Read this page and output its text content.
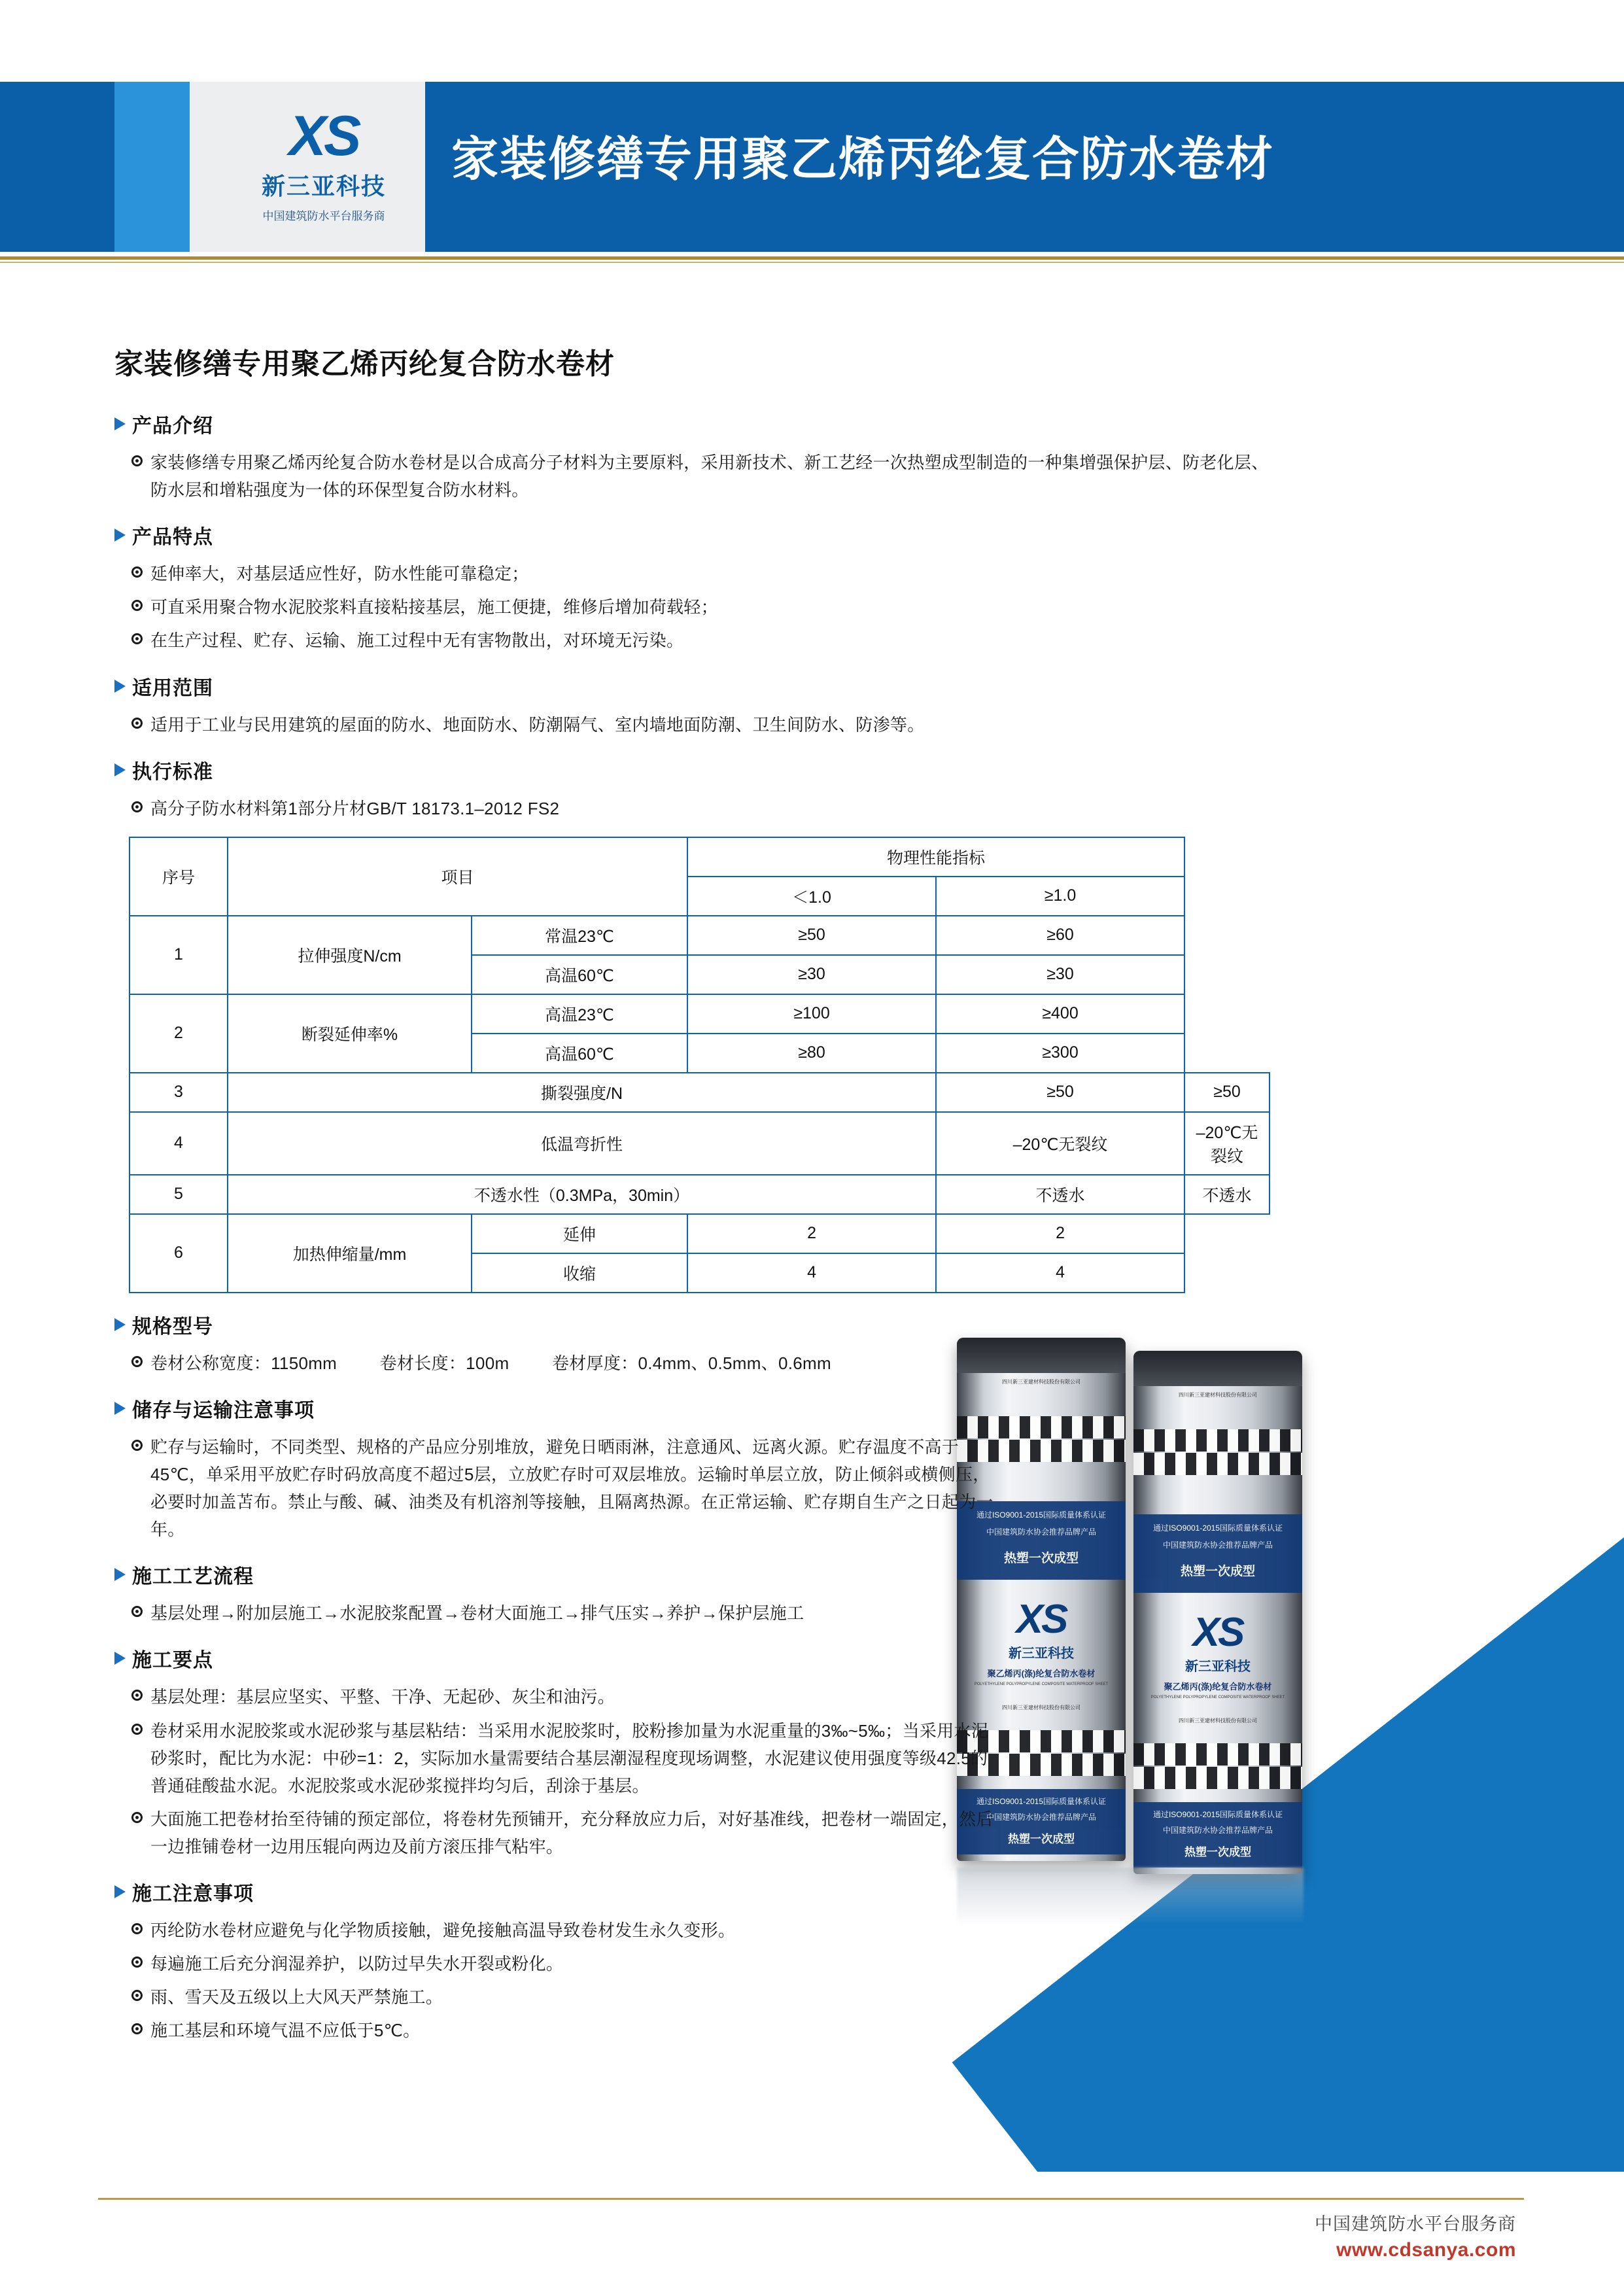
XS
新三亚科技
中国建筑防水平台服务商
家装修缮专用聚乙烯丙纶复合防水卷材
四川新三亚建材科技股份有限公司
通过ISO9001-2015国际质量体系认证
中国建筑防水协会推荐品牌产品
热塑一次成型
XS
新三亚科技
聚乙烯丙(涤)纶复合防水卷材
POLYETHYLENE POLYPROPYLENE COMPOSITE WATERPROOF SHEET
四川新三亚建材科技股份有限公司
通过ISO9001-2015国际质量体系认证
中国建筑防水协会推荐品牌产品
热塑一次成型
四川新三亚建材科技股份有限公司
通过ISO9001-2015国际质量体系认证
中国建筑防水协会推荐品牌产品
热塑一次成型
XS
新三亚科技
聚乙烯丙(涤)纶复合防水卷材
POLYETHYLENE POLYPROPYLENE COMPOSITE WATERPROOF SHEET
四川新三亚建材科技股份有限公司
通过ISO9001-2015国际质量体系认证
中国建筑防水协会推荐品牌产品
热塑一次成型
家装修缮专用聚乙烯丙纶复合防水卷材
产品介绍
家装修缮专用聚乙烯丙纶复合防水卷材是以合成高分子材料为主要原料，采用新技术、新工艺经一次热塑成型制造的一种集增强保护层、防老化层、防水层和增粘强度为一体的环保型复合防水材料。
产品特点
延伸率大，对基层适应性好，防水性能可靠稳定；
可直采用聚合物水泥胶浆料直接粘接基层，施工便捷，维修后增加荷载轻；
在生产过程、贮存、运输、施工过程中无有害物散出，对环境无污染。
适用范围
适用于工业与民用建筑的屋面的防水、地面防水、防潮隔气、室内墙地面防潮、卫生间防水、防渗等。
执行标准
高分子防水材料第1部分片材GB/T 18173.1–2012 FS2
序号	项目		物理性能指标		
			＜1.0	≥1.0	
1	拉伸强度N/cm	常温23℃	≥50	≥60	
		高温60℃	≥30	≥30	
2	断裂延伸率%	高温23℃	≥100	≥400	
		高温60℃	≥80	≥300	
3	撕裂强度/N			≥50	≥50
4	低温弯折性			–20℃无裂纹	–20℃无裂纹
5	不透水性（0.3MPa，30min）			不透水	不透水
6	加热伸缩量/mm	延伸	2	2	
		收缩	4	4	
规格型号
卷材公称宽度：1150mm	卷材长度：100m	卷材厚度：0.4mm、0.5mm、0.6mm
储存与运输注意事项
贮存与运输时，不同类型、规格的产品应分别堆放，避免日晒雨淋，注意通风、远离火源。贮存温度不高于45℃，单采用平放贮存时码放高度不超过5层，立放贮存时可双层堆放。运输时单层立放，防止倾斜或横侧压，必要时加盖苫布。禁止与酸、碱、油类及有机溶剂等接触，且隔离热源。在正常运输、贮存期自生产之日起为一年。
施工工艺流程
基层处理→附加层施工→水泥胶浆配置→卷材大面施工→排气压实→养护→保护层施工
施工要点
基层处理：基层应坚实、平整、干净、无起砂、灰尘和油污。
卷材采用水泥胶浆或水泥砂浆与基层粘结：当采用水泥胶浆时，胶粉掺加量为水泥重量的3‰~5‰；当采用水泥砂浆时，配比为水泥：中砂=1：2，实际加水量需要结合基层潮湿程度现场调整，水泥建议使用强度等级42.5的普通硅酸盐水泥。水泥胶浆或水泥砂浆搅拌均匀后，刮涂于基层。
大面施工把卷材抬至待铺的预定部位，将卷材先预铺开，充分释放应力后，对好基准线，把卷材一端固定，然后一边推铺卷材一边用压辊向两边及前方滚压排气粘牢。
施工注意事项
丙纶防水卷材应避免与化学物质接触，避免接触高温导致卷材发生永久变形。
每遍施工后充分润湿养护，以防过早失水开裂或粉化。
雨、雪天及五级以上大风天严禁施工。
施工基层和环境气温不应低于5℃。
中国建筑防水平台服务商
www.cdsanya.com
